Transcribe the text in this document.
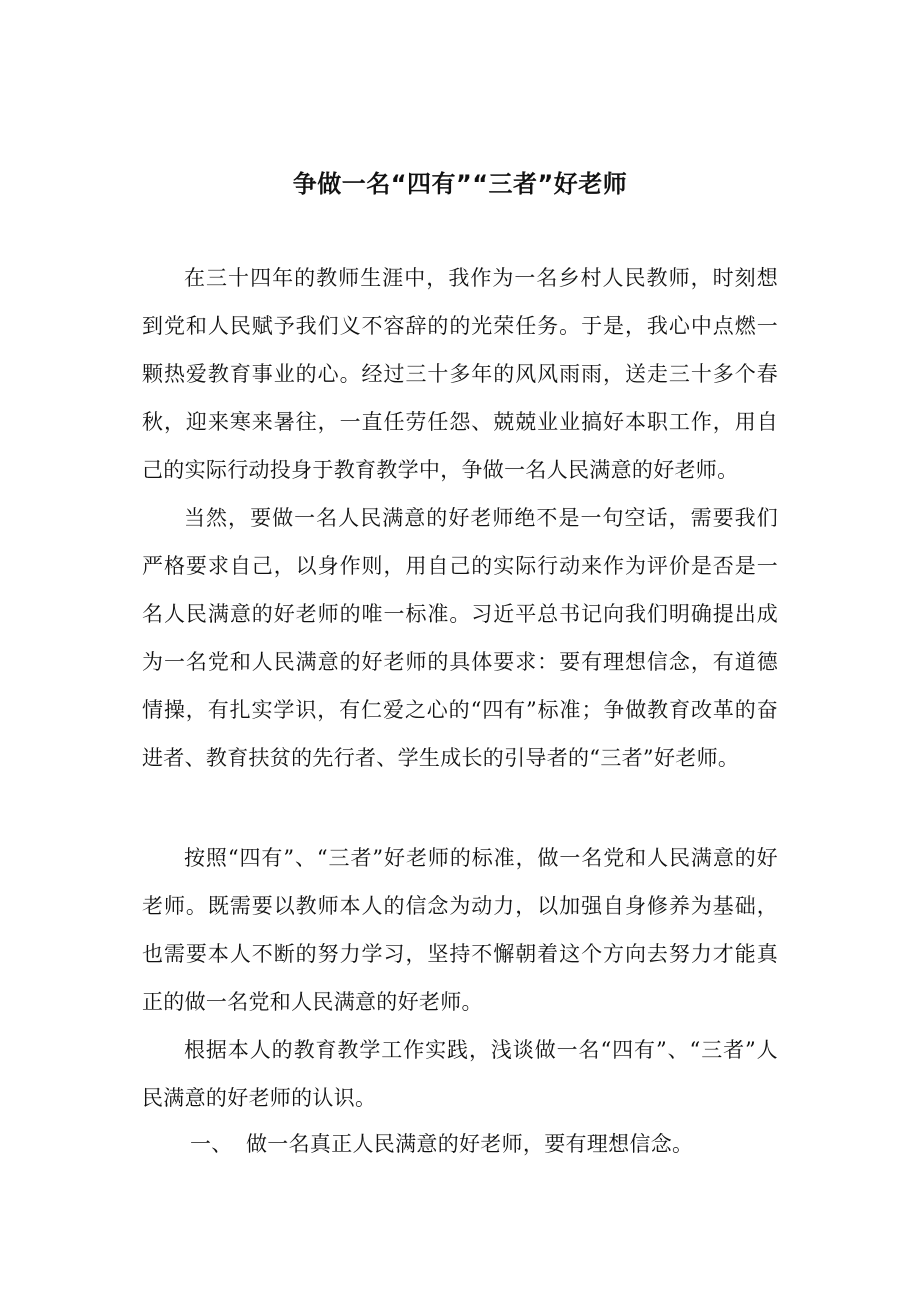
争做一名“四有”“三者”好老师

在三十四年的教师生涯中，我作为一名乡村人民教师，时刻想到党和人民赋予我们义不容辞的的光荣任务。于是，我心中点燃一颗热爱教育事业的心。经过三十多年的风风雨雨，送走三十多个春秋，迎来寒来暑往，一直任劳任怨、兢兢业业搞好本职工作，用自己的实际行动投身于教育教学中，争做一名人民满意的好老师。

当然，要做一名人民满意的好老师绝不是一句空话，需要我们严格要求自己，以身作则，用自己的实际行动来作为评价是否是一名人民满意的好老师的唯一标准。习近平总书记向我们明确提出成为一名党和人民满意的好老师的具体要求：要有理想信念，有道德情操，有扎实学识，有仁爱之心的“四有”标准；争做教育改革的奋进者、教育扶贫的先行者、学生成长的引导者的“三者”好老师。

按照“四有”、“三者”好老师的标准，做一名党和人民满意的好老师。既需要以教师本人的信念为动力，以加强自身修养为基础，也需要本人不断的努力学习，坚持不懈朝着这个方向去努力才能真正的做一名党和人民满意的好老师。

根据本人的教育教学工作实践，浅谈做一名“四有”、“三者”人民满意的好老师的认识。

一、 做一名真正人民满意的好老师，要有理想信念。
